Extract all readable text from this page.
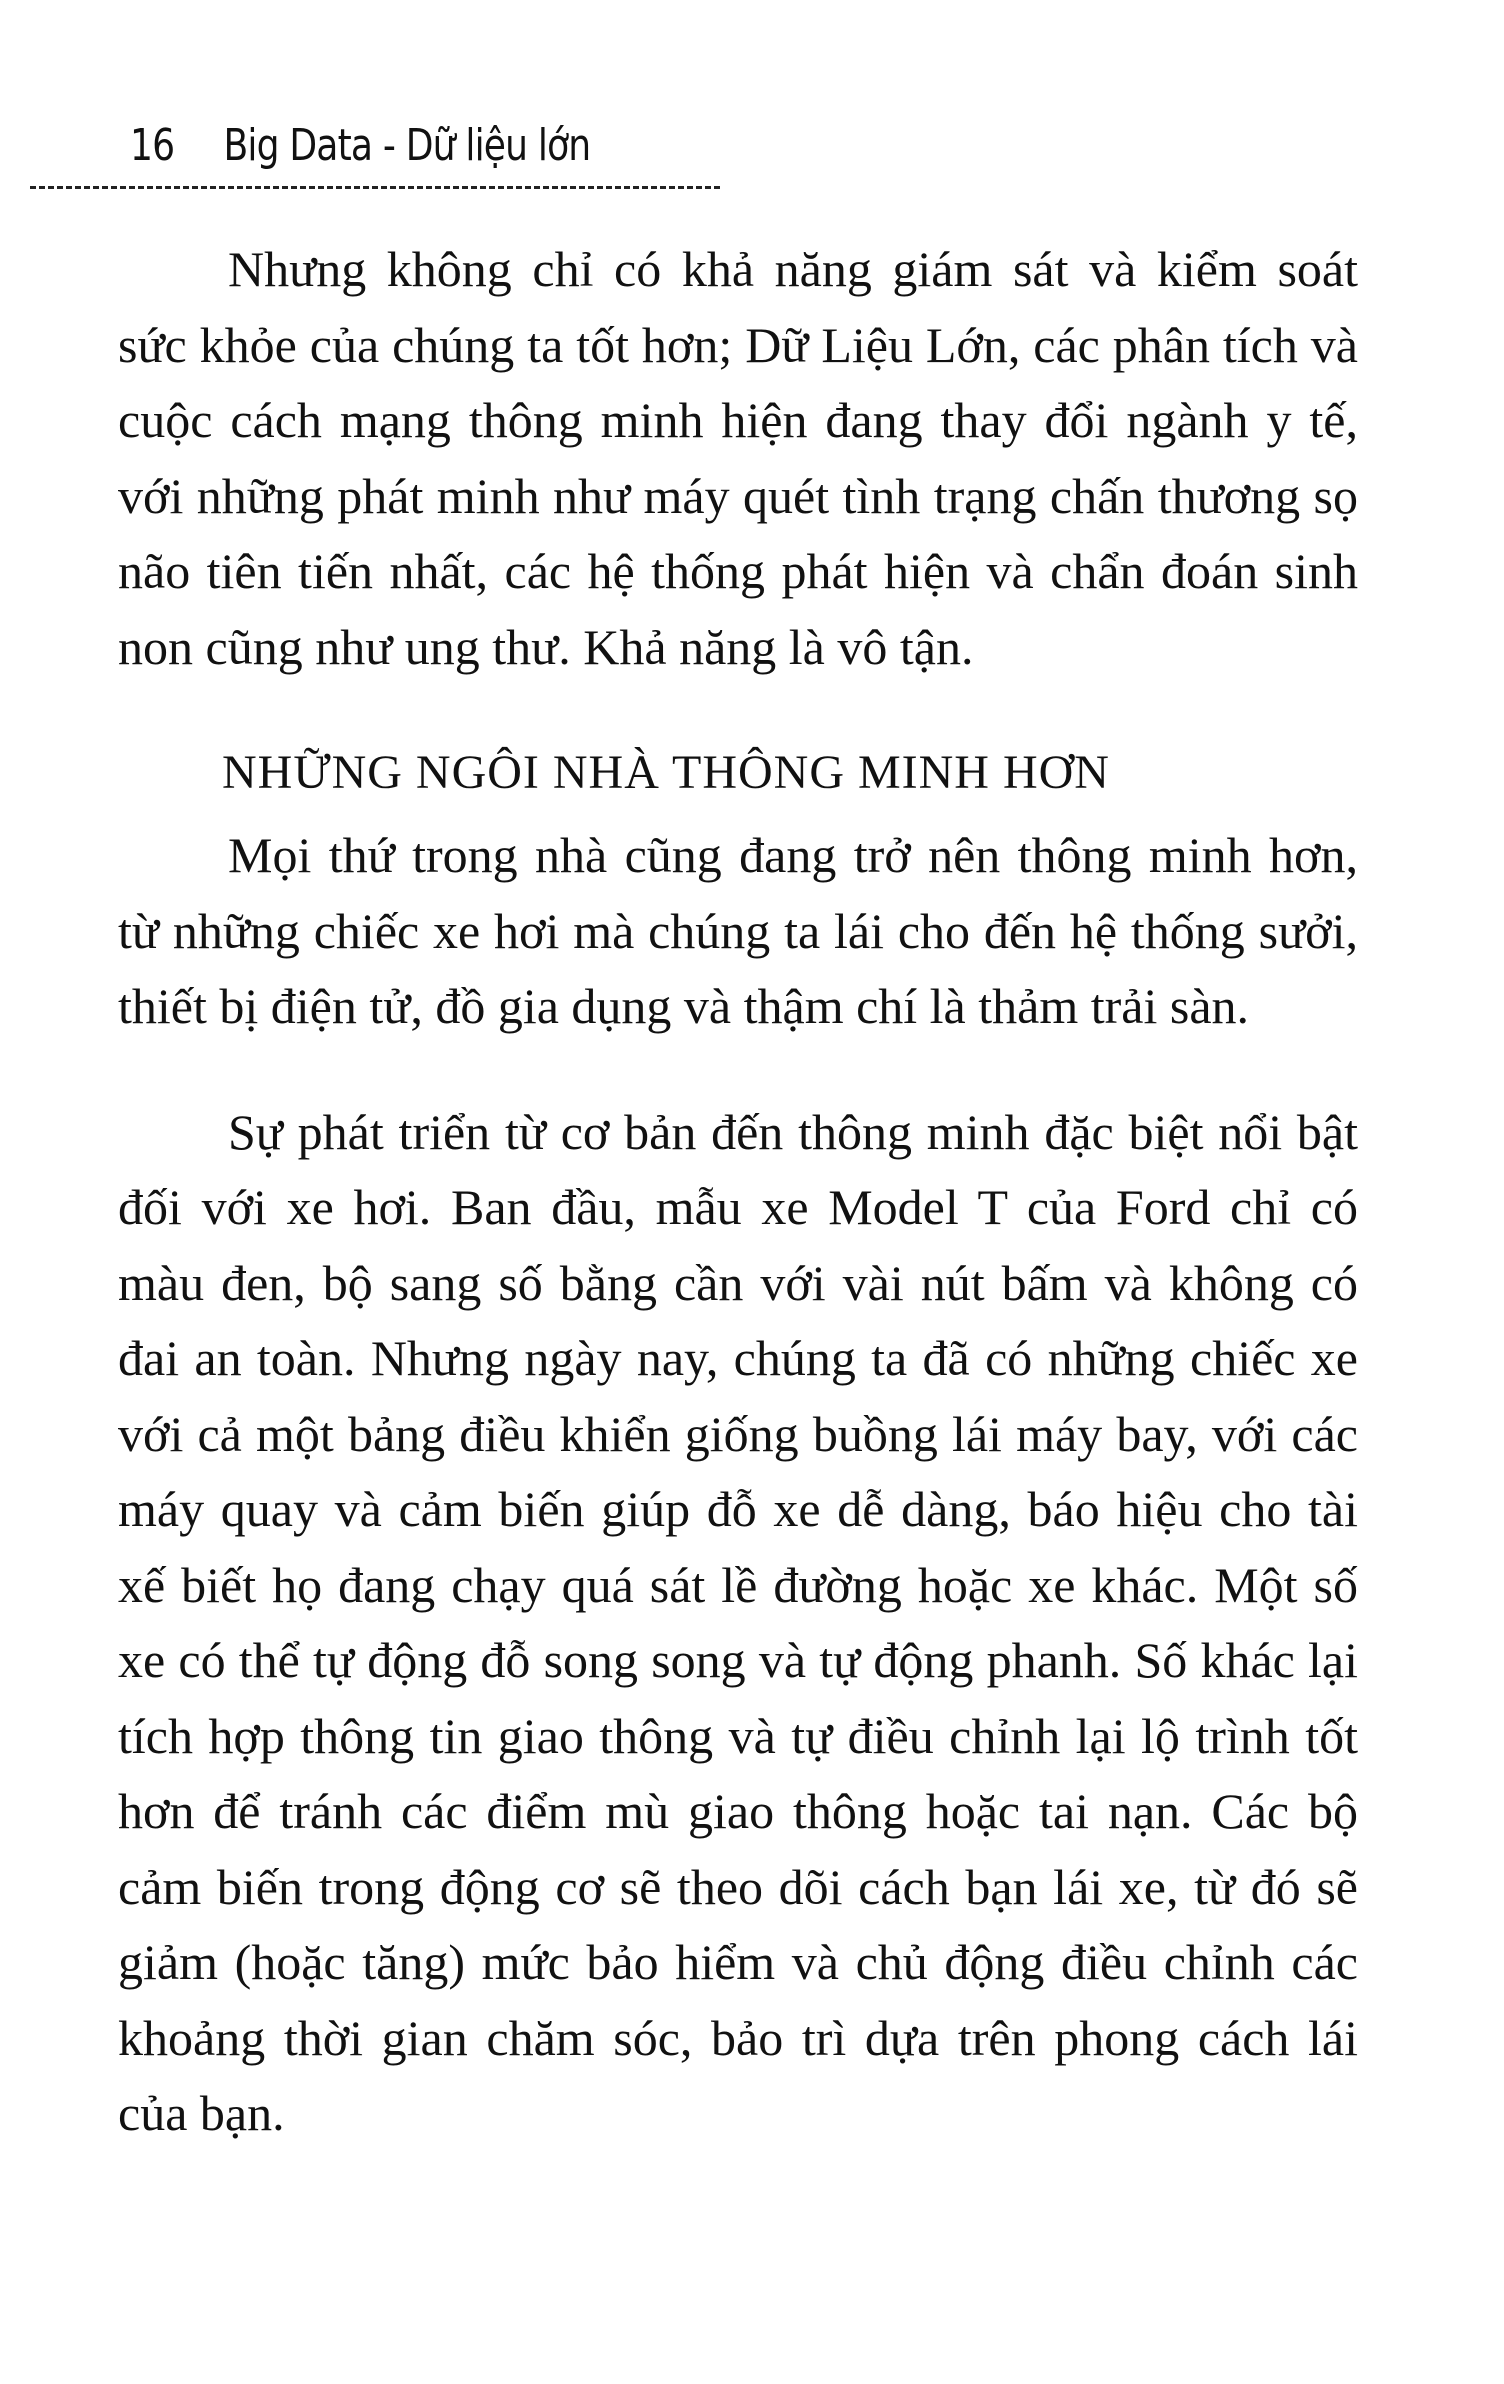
16 Big Data - Dữ liệu lớn

Nhưng không chỉ có khả năng giám sát và kiểm soát sức khỏe của chúng ta tốt hơn; Dữ Liệu Lớn, các phân tích và cuộc cách mạng thông minh hiện đang thay đổi ngành y tế, với những phát minh như máy quét tình trạng chấn thương sọ não tiên tiến nhất, các hệ thống phát hiện và chẩn đoán sinh non cũng như ung thư. Khả năng là vô tận.

NHỮNG NGÔI NHÀ THÔNG MINH HƠN

Mọi thứ trong nhà cũng đang trở nên thông minh hơn, từ những chiếc xe hơi mà chúng ta lái cho đến hệ thống sưởi, thiết bị điện tử, đồ gia dụng và thậm chí là thảm trải sàn.

Sự phát triển từ cơ bản đến thông minh đặc biệt nổi bật đối với xe hơi. Ban đầu, mẫu xe Model T của Ford chỉ có màu đen, bộ sang số bằng cần với vài nút bấm và không có đai an toàn. Nhưng ngày nay, chúng ta đã có những chiếc xe với cả một bảng điều khiển giống buồng lái máy bay, với các máy quay và cảm biến giúp đỗ xe dễ dàng, báo hiệu cho tài xế biết họ đang chạy quá sát lề đường hoặc xe khác. Một số xe có thể tự động đỗ song song và tự động phanh. Số khác lại tích hợp thông tin giao thông và tự điều chỉnh lại lộ trình tốt hơn để tránh các điểm mù giao thông hoặc tai nạn. Các bộ cảm biến trong động cơ sẽ theo dõi cách bạn lái xe, từ đó sẽ giảm (hoặc tăng) mức bảo hiểm và chủ động điều chỉnh các khoảng thời gian chăm sóc, bảo trì dựa trên phong cách lái của bạn.
